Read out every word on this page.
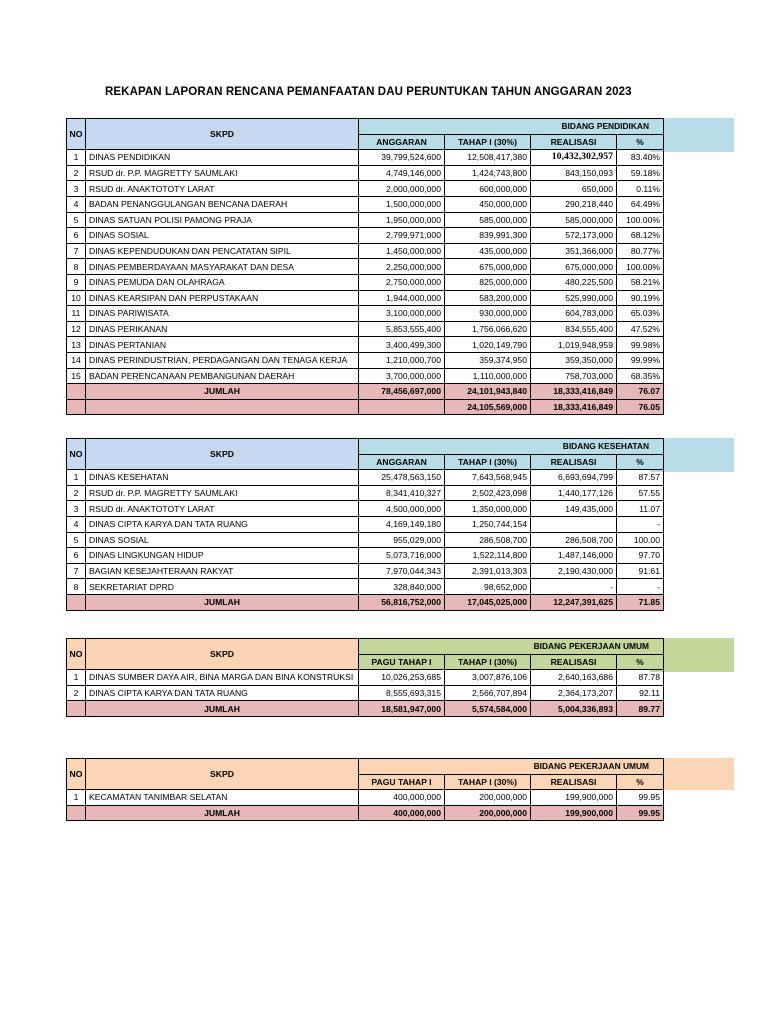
REKAPAN LAPORAN RENCANA PEMANFAATAN DAU PERUNTUKAN TAHUN ANGGARAN 2023
NO	SKPD	BIDANG PENDIDIKAN			
		ANGGARAN	TAHAP I (30%)	REALISASI	%
1	DINAS PENDIDIKAN	39,799,524,600	12,508,417,380	10,432,302,957	83.40%
2	RSUD dr. P.P. MAGRETTY SAUMLAKI	4,749,146,000	1,424,743,800	843,150,093	59.18%
3	RSUD dr. ANAKTOTOTY LARAT	2,000,000,000	600,000,000	650,000	0.11%
4	BADAN PENANGGULANGAN BENCANA DAERAH	1,500,000,000	450,000,000	290,218,440	64.49%
5	DINAS SATUAN POLISI PAMONG PRAJA	1,950,000,000	585,000,000	585,000,000	100.00%
6	DINAS SOSIAL	2,799,971,000	839,991,300	572,173,000	68.12%
7	DINAS KEPENDUDUKAN DAN PENCATATAN SIPIL	1,450,000,000	435,000,000	351,366,000	80.77%
8	DINAS PEMBERDAYAAN MASYARAKAT DAN DESA	2,250,000,000	675,000,000	675,000,000	100.00%
9	DINAS PEMUDA DAN OLAHRAGA	2,750,000,000	825,000,000	480,225,500	58.21%
10	DINAS KEARSIPAN DAN PERPUSTAKAAN	1,944,000,000	583,200,000	525,990,000	90.19%
11	DINAS PARIWISATA	3,100,000,000	930,000,000	604,783,000	65.03%
12	DINAS PERIKANAN	5,853,555,400	1,756,066,620	834,555,400	47.52%
13	DINAS PERTANIAN	3,400,499,300	1,020,149,790	1,019,948,959	99.98%
14	DINAS PERINDUSTRIAN, PERDAGANGAN DAN TENAGA KERJA	1,210,000,700	359,374,950	359,350,000	99.99%
15	BADAN PERENCANAAN PEMBANGUNAN DAERAH	3,700,000,000	1,110,000,000	758,703,000	68.35%
	JUMLAH	78,456,697,000	24,101,943,840	18,333,416,849	76.07
			24,105,569,000	18,333,416,849	76.05
NO	SKPD	BIDANG KESEHATAN			
		ANGGARAN	TAHAP I (30%)	REALISASI	%
1	DINAS KESEHATAN	25,478,563,150	7,643,568,945	6,693,694,799	87.57
2	RSUD dr. P.P. MAGRETTY SAUMLAKI	8,341,410,327	2,502,423,098	1,440,177,126	57.55
3	RSUD dr. ANAKTOTOTY LARAT	4,500,000,000	1,350,000,000	149,435,000	11.07
4	DINAS CIPTA KARYA DAN TATA RUANG	4,169,149,180	1,250,744,154		-
5	DINAS SOSIAL	955,029,000	286,508,700	286,508,700	100.00
6	DINAS LINGKUNGAN HIDUP	5,073,716,000	1,522,114,800	1,487,146,000	97.70
7	BAGIAN KESEJAHTERAAN RAKYAT	7,970,044,343	2,391,013,303	2,190,430,000	91.61
8	SEKRETARIAT DPRD	328,840,000	98,652,000	-	-
	JUMLAH	56,816,752,000	17,045,025,000	12,247,391,625	71.85
NO	SKPD	BIDANG PEKERJAAN UMUM			
		PAGU TAHAP I	TAHAP I (30%)	REALISASI	%
1	DINAS SUMBER DAYA AIR, BINA MARGA DAN BINA KONSTRUKSI	10,026,253,685	3,007,876,106	2,640,163,686	87.78
2	DINAS CIPTA KARYA DAN TATA RUANG	8,555,693,315	2,566,707,894	2,364,173,207	92.11
	JUMLAH	18,581,947,000	5,574,584,000	5,004,336,893	89.77
NO	SKPD	BIDANG PEKERJAAN UMUM			
		PAGU TAHAP I	TAHAP I (30%)	REALISASI	%
1	KECAMATAN TANIMBAR SELATAN	400,000,000	200,000,000	199,900,000	99.95
	JUMLAH	400,000,000	200,000,000	199,900,000	99.95
